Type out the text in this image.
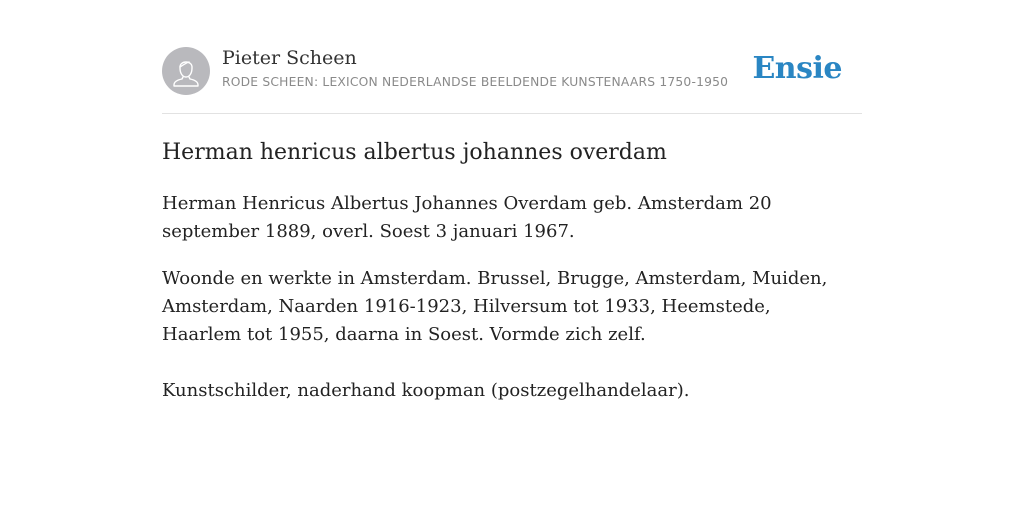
Pieter Scheen
RODE SCHEEN: LEXICON NEDERLANDSE BEELDENDE KUNSTENAARS 1750-1950 Ensie
Herman henricus albertus johannes overdam

Herman Henricus Albertus Johannes Overdam geb. Amsterdam 20 september 1889, overl. Soest 3 januari 1967.

Woonde en werkte in Amsterdam. Brussel, Brugge, Amsterdam, Muiden, Amsterdam, Naarden 1916-1923, Hilversum tot 1933, Heemstede, Haarlem tot 1955, daarna in Soest. Vormde zich zelf.

Kunstschilder, naderhand koopman (postzegelhandelaar).
